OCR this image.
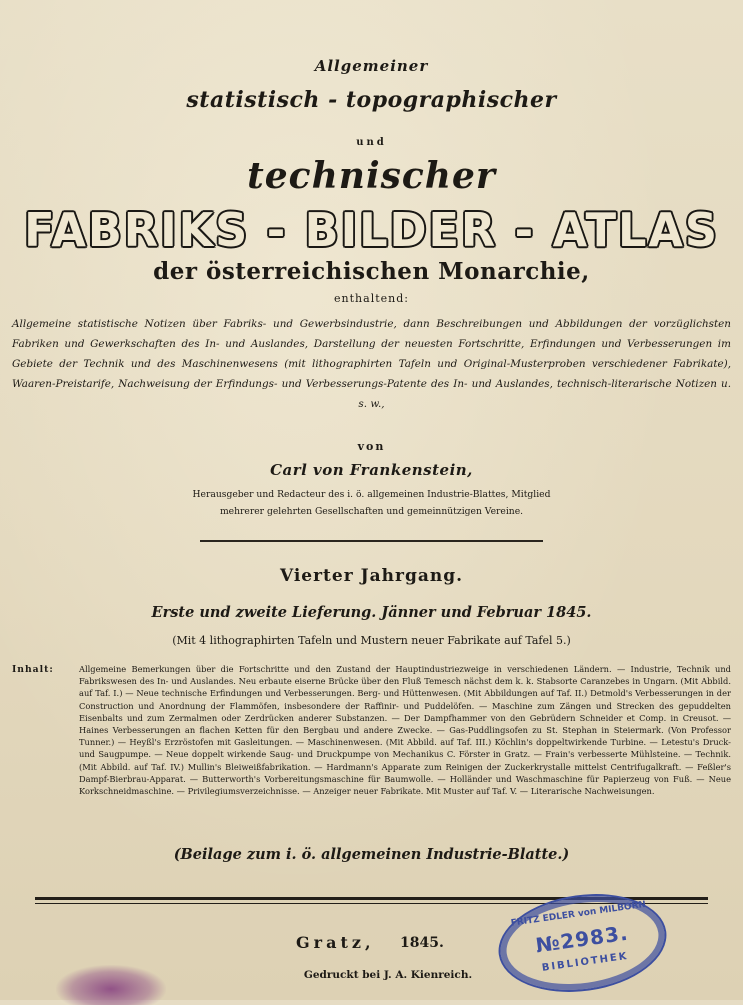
Allgemeiner
statistisch - topographischer
und
technischer
FABRIKS - BILDER - ATLAS
der österreichischen Monarchie,
enthaltend:
Allgemeine statistische Notizen über Fabriks- und Gewerbsindustrie, dann Beschreibungen und Abbildungen der vorzüglichsten Fabriken und Gewerkschaften des In- und Auslandes, Darstellung der neuesten Fortschritte, Erfindungen und Verbesserungen im Gebiete der Technik und des Maschinenwesens (mit lithographirten Tafeln und Original-Musterproben verschiedener Fabrikate), Waaren-Preistarife, Nachweisung der Erfindungs- und Verbesserungs-Patente des In- und Auslandes, technisch-literarische Notizen u. s. w.,
von
Carl von Frankenstein,
Herausgeber und Redacteur des i. ö. allgemeinen Industrie-Blattes, Mitglied
mehrerer gelehrten Gesellschaften und gemeinnützigen Vereine.
Vierter Jahrgang.
Erste und zweite Lieferung. Jänner und Februar 1845.
(Mit 4 lithographirten Tafeln und Mustern neuer Fabrikate auf Tafel 5.)
Inhalt:	Allgemeine Bemerkungen über die Fortschritte und den Zustand der Hauptindustriezweige in verschiedenen Ländern. — Industrie, Technik und Fabrikswesen des In- und Auslandes. Neu erbaute eiserne Brücke über den Fluß Temesch nächst dem k. k. Stabsorte Caranzebes in Ungarn. (Mit Abbild. auf Taf. I.) — Neue technische Erfindungen und Verbesserungen. Berg- und Hüttenwesen. (Mit Abbildungen auf Taf. II.) Detmold's Verbesserungen in der Construction und Anordnung der Flammöfen, insbesondere der Raffinir- und Puddelöfen. — Maschine zum Zängen und Strecken des gepuddelten Eisenbalts und zum Zermalmen oder Zerdrücken anderer Substanzen. — Der Dampfhammer von den Gebrüdern Schneider et Comp. in Creusot. — Haines Verbesserungen an flachen Ketten für den Bergbau und andere Zwecke. — Gas-Puddlingsofen zu St. Stephan in Steiermark. (Von Professor Tunner.) — Heyßl's Erzröstofen mit Gasleitungen. — Maschinenwesen. (Mit Abbild. auf Taf. III.) Köchlin's doppeltwirkende Turbine. — Letestu's Druck- und Saugpumpe. — Neue doppelt wirkende Saug- und Druckpumpe von Mechanikus C. Förster in Gratz. — Frain's verbesserte Mühlsteine. — Technik. (Mit Abbild. auf Taf. IV.) Mullin's Bleiweißfabrikation. — Hardmann's Apparate zum Reinigen der Zuckerkrystalle mittelst Centrifugalkraft. — Feßler's Dampf-Bierbrau-Apparat. — Butterworth's Vorbereitungsmaschine für Baumwolle. — Holländer und Waschmaschine für Papierzeug von Fuß. — Neue Korkschneidmaschine. — Privilegiumsverzeichnisse. — Anzeiger neuer Fabrikate. Mit Muster auf Taf. V. — Literarische Nachweisungen.
(Beilage zum i. ö. allgemeinen Industrie-Blatte.)
Gratz, 1845.
Gedruckt bei J. A. Kienreich.
FRITZ EDLER von MILBORN
№2983.
BIBLIOTHEK
